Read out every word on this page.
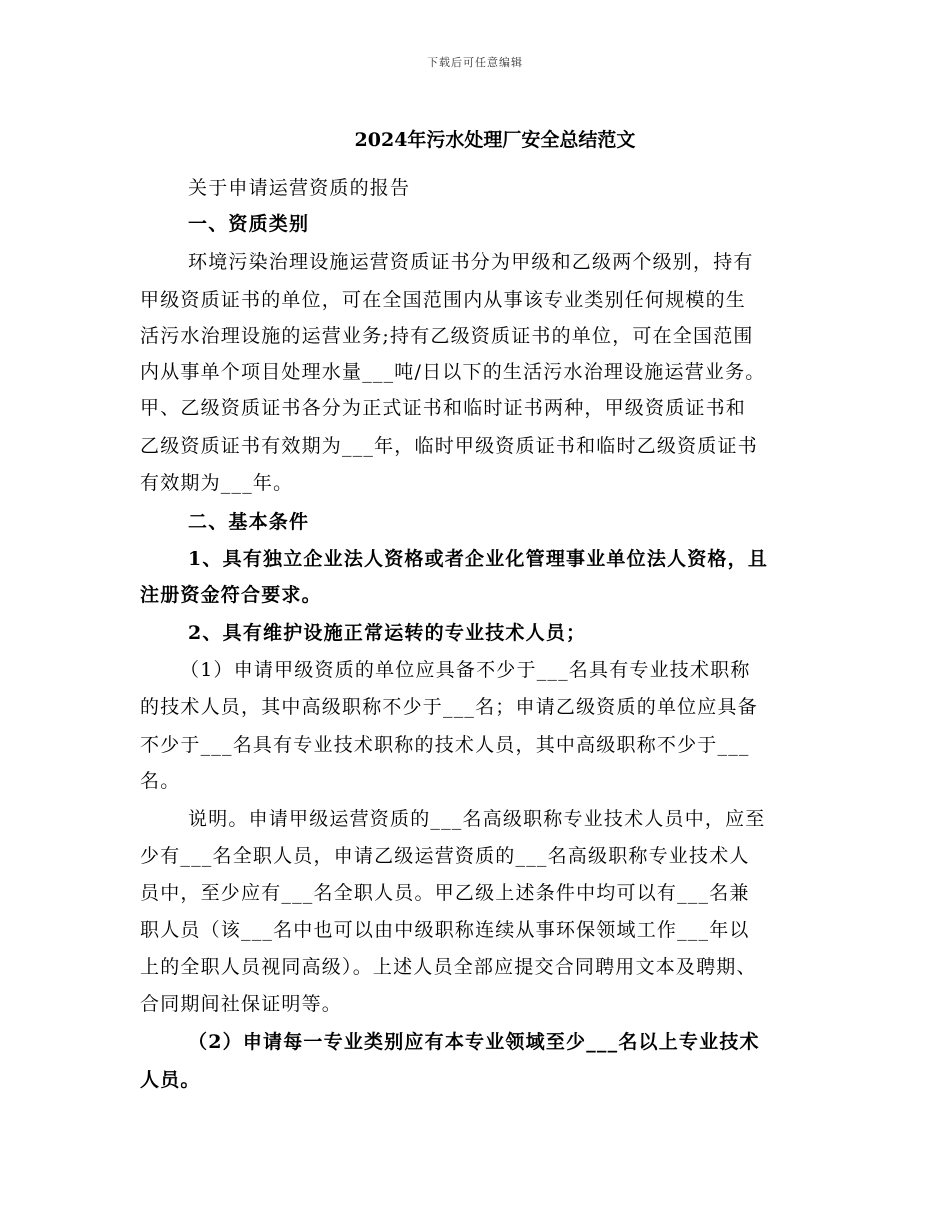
下载后可任意编辑
2024年污水处理厂安全总结范文
关于申请运营资质的报告
一、资质类别
环境污染治理设施运营资质证书分为甲级和乙级两个级别，持有
甲级资质证书的单位，可在全国范围内从事该专业类别任何规模的生
活污水治理设施的运营业务;持有乙级资质证书的单位，可在全国范围
内从事单个项目处理水量___吨/日以下的生活污水治理设施运营业务。
甲、乙级资质证书各分为正式证书和临时证书两种，甲级资质证书和
乙级资质证书有效期为___年，临时甲级资质证书和临时乙级资质证书
有效期为___年。
二、基本条件
1、具有独立企业法人资格或者企业化管理事业单位法人资格，且
注册资金符合要求。
2、具有维护设施正常运转的专业技术人员；
（1）申请甲级资质的单位应具备不少于___名具有专业技术职称
的技术人员，其中高级职称不少于___名；申请乙级资质的单位应具备
不少于___名具有专业技术职称的技术人员，其中高级职称不少于___
名。
说明。申请甲级运营资质的___名高级职称专业技术人员中，应至
少有___名全职人员，申请乙级运营资质的___名高级职称专业技术人
员中，至少应有___名全职人员。甲乙级上述条件中均可以有___名兼
职人员（该___名中也可以由中级职称连续从事环保领域工作___年以
上的全职人员视同高级）。上述人员全部应提交合同聘用文本及聘期、
合同期间社保证明等。
（2）申请每一专业类别应有本专业领域至少___名以上专业技术
人员。
